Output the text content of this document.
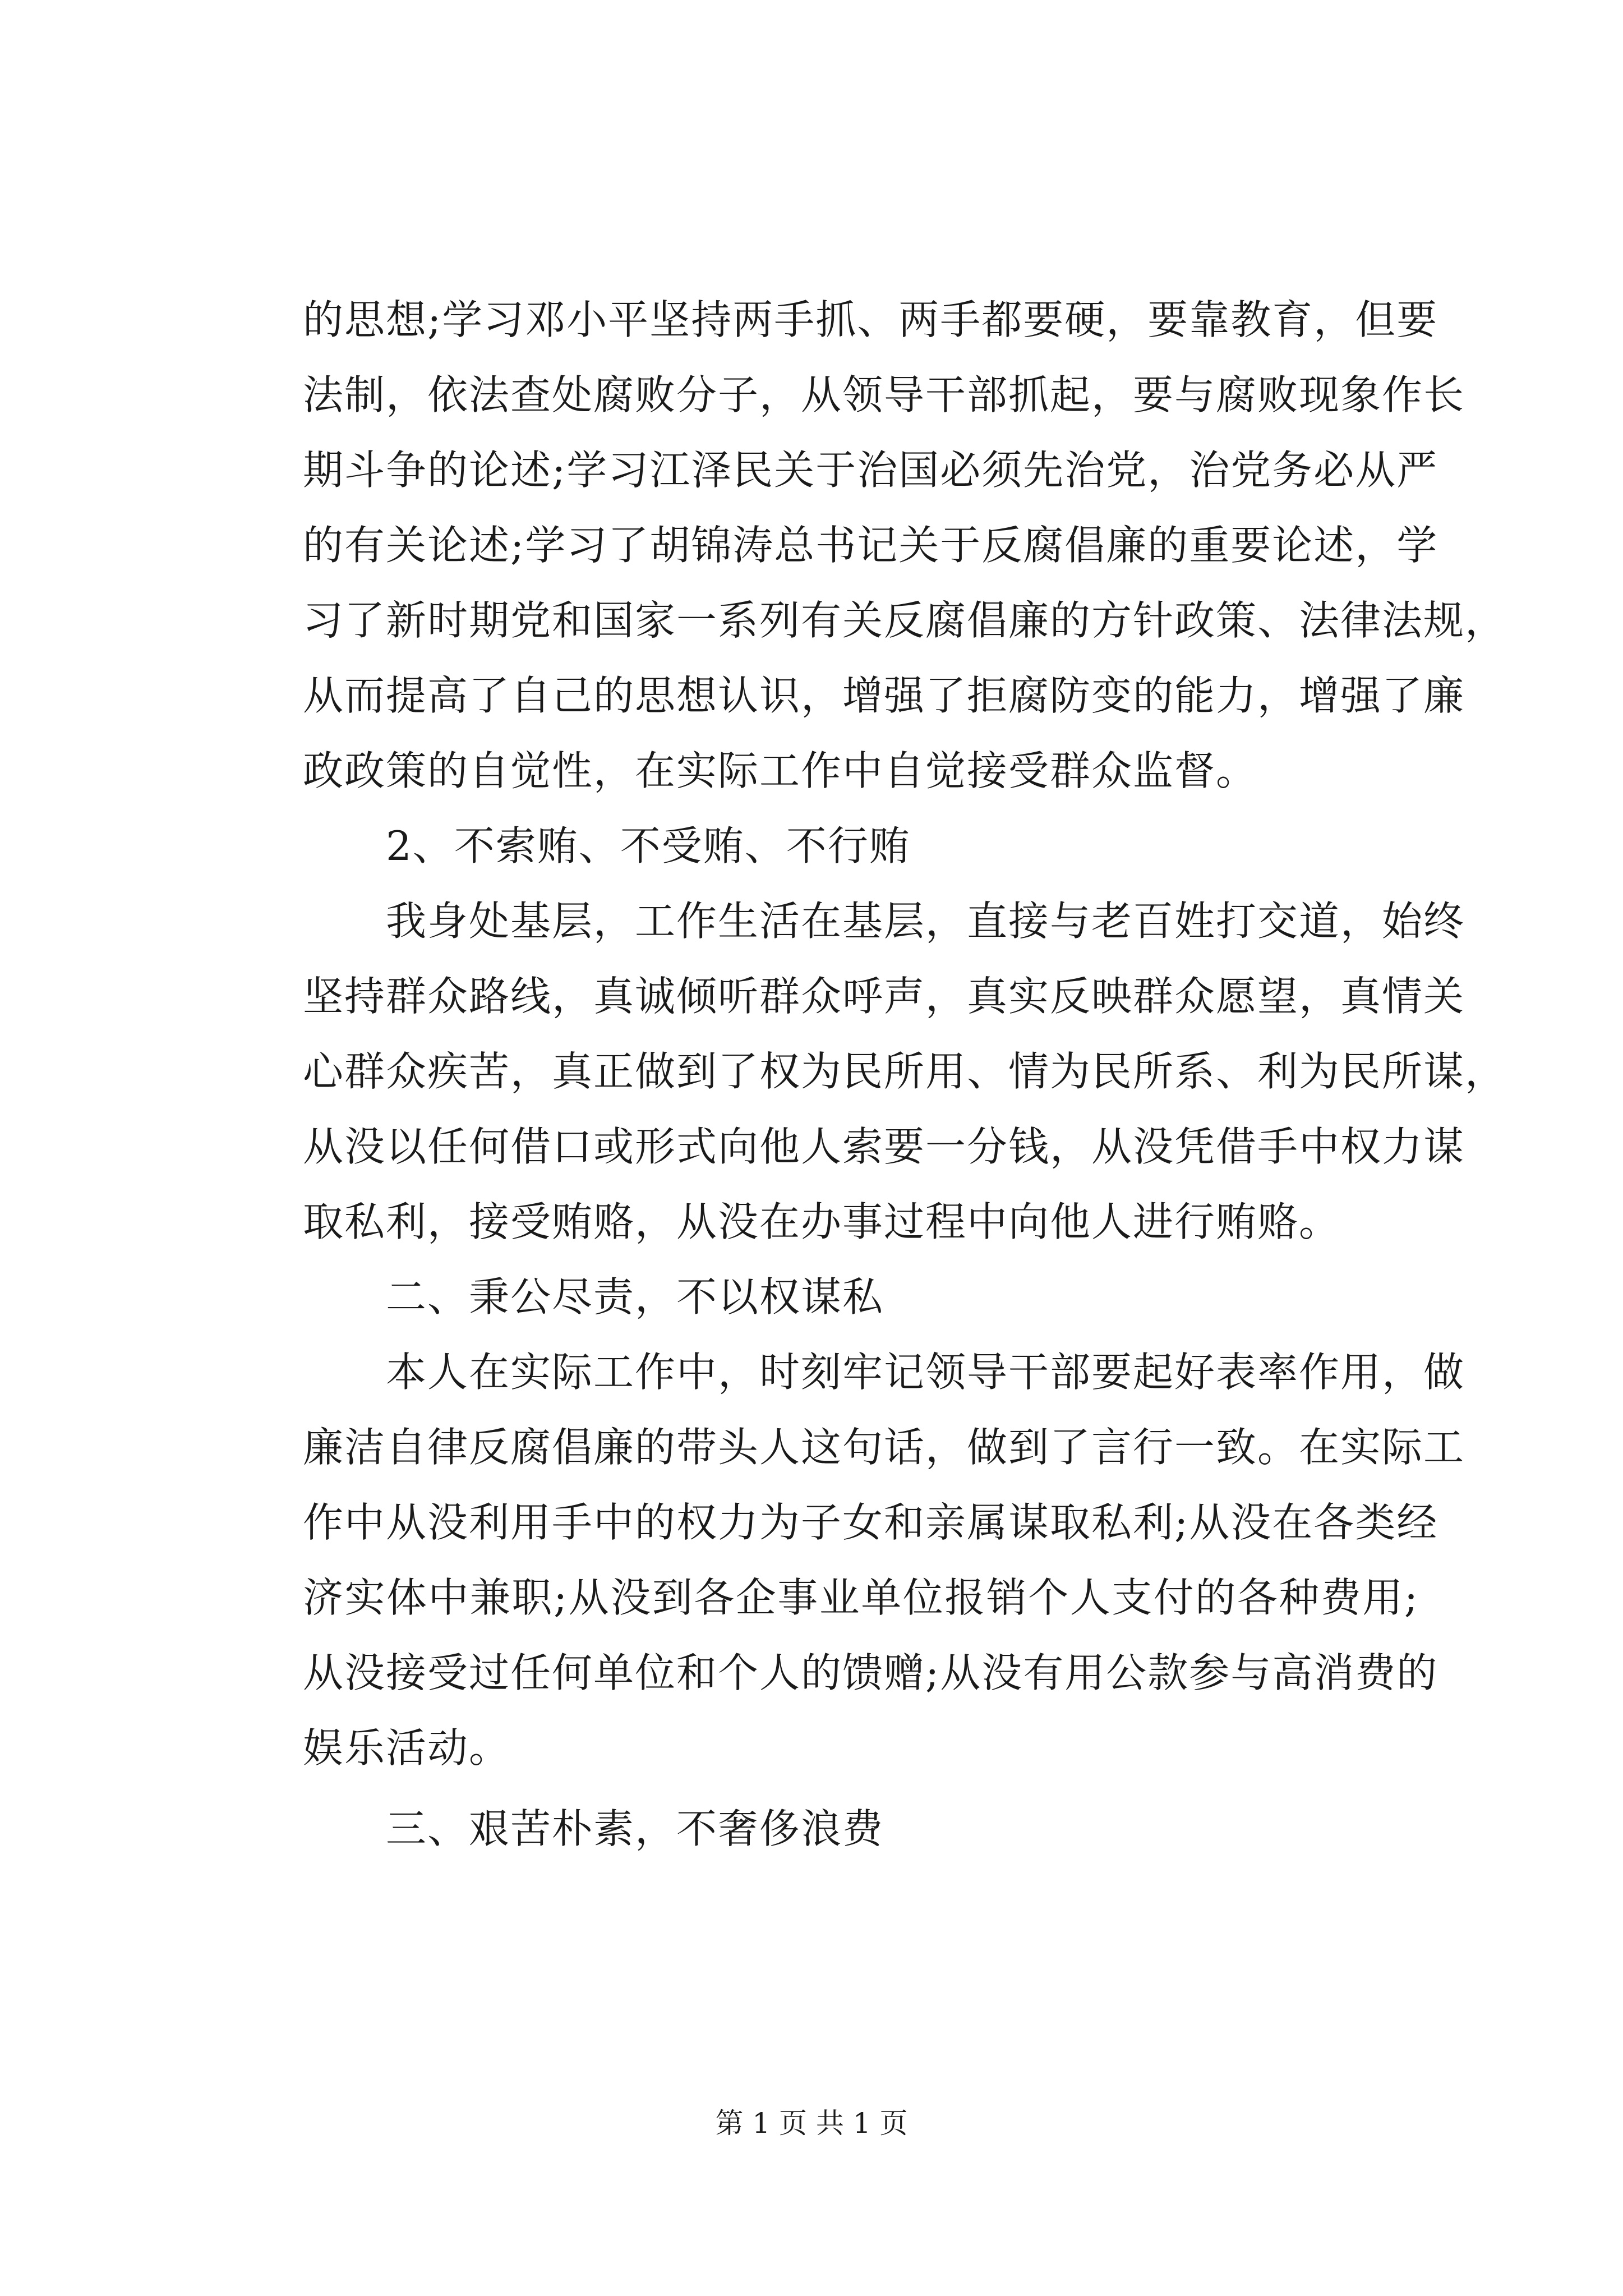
的思想;学习邓小平坚持两手抓、两手都要硬，要靠教育，但要
法制，依法查处腐败分子，从领导干部抓起，要与腐败现象作长
期斗争的论述;学习江泽民关于治国必须先治党，治党务必从严
的有关论述;学习了胡锦涛总书记关于反腐倡廉的重要论述，学
习了新时期党和国家一系列有关反腐倡廉的方针政策、法律法规，
从而提高了自己的思想认识，增强了拒腐防变的能力，增强了廉
政政策的自觉性，在实际工作中自觉接受群众监督。
2、不索贿、不受贿、不行贿
我身处基层，工作生活在基层，直接与老百姓打交道，始终
坚持群众路线，真诚倾听群众呼声，真实反映群众愿望，真情关
心群众疾苦，真正做到了权为民所用、情为民所系、利为民所谋，
从没以任何借口或形式向他人索要一分钱，从没凭借手中权力谋
取私利，接受贿赂，从没在办事过程中向他人进行贿赂。
二、秉公尽责，不以权谋私
本人在实际工作中，时刻牢记领导干部要起好表率作用，做
廉洁自律反腐倡廉的带头人这句话，做到了言行一致。在实际工
作中从没利用手中的权力为子女和亲属谋取私利;从没在各类经
济实体中兼职;从没到各企事业单位报销个人支付的各种费用;
从没接受过任何单位和个人的馈赠;从没有用公款参与高消费的
娱乐活动。
三、艰苦朴素，不奢侈浪费
第 1 页 共 1 页
